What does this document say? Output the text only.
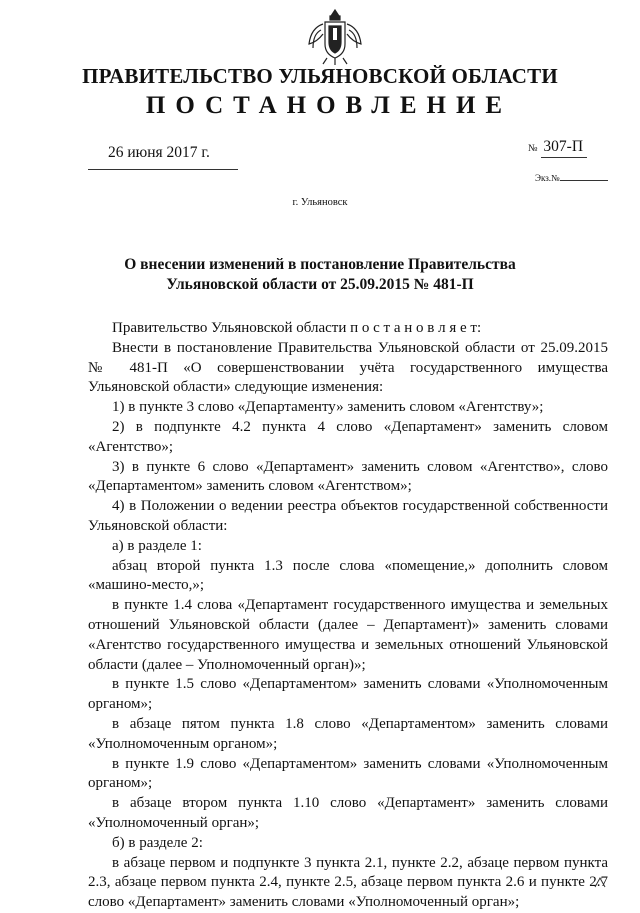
ПРАВИТЕЛЬСТВО УЛЬЯНОВСКОЙ ОБЛАСТИ
ПОСТАНОВЛЕНИЕ
26 июня 2017 г.	№ 307-П
Экз.№
г. Ульяновск
О внесении изменений в постановление Правительства
Ульяновской области от 25.09.2015 № 481-П

Правительство Ульяновской области п о с т а н о в л я е т:

Внести в постановление Правительства Ульяновской области от 25.09.2015 № 481-П «О совершенствовании учёта государственного имущества Ульяновской области» следующие изменения:

1) в пункте 3 слово «Департаменту» заменить словом «Агентству»;

2) в подпункте 4.2 пункта 4 слово «Департамент» заменить словом «Агентство»;

3) в пункте 6 слово «Департамент» заменить словом «Агентство», слово «Департаментом» заменить словом «Агентством»;

4) в Положении о ведении реестра объектов государственной собственности Ульяновской области:

а) в разделе 1:

абзац второй пункта 1.3 после слова «помещение,» дополнить словом «машино-место,»;

в пункте 1.4 слова «Департамент государственного имущества и земельных отношений Ульяновской области (далее – Департамент)» заменить словами «Агентство государственного имущества и земельных отношений Ульяновской области (далее – Уполномоченный орган)»;

в пункте 1.5 слово «Департаментом» заменить словами «Уполномоченным органом»;

в абзаце пятом пункта 1.8 слово «Департаментом» заменить словами «Уполномоченным органом»;

в пункте 1.9 слово «Департаментом» заменить словами «Уполномоченным органом»;

в абзаце втором пункта 1.10 слово «Департамент» заменить словами «Уполномоченный орган»;

б) в разделе 2:

в абзаце первом и подпункте 3 пункта 2.1, пункте 2.2, абзаце первом пункта 2.3, абзаце первом пункта 2.4, пункте 2.5, абзаце первом пункта 2.6 и пункте 2.7 слово «Департамент» заменить словами «Уполномоченный орган»;
